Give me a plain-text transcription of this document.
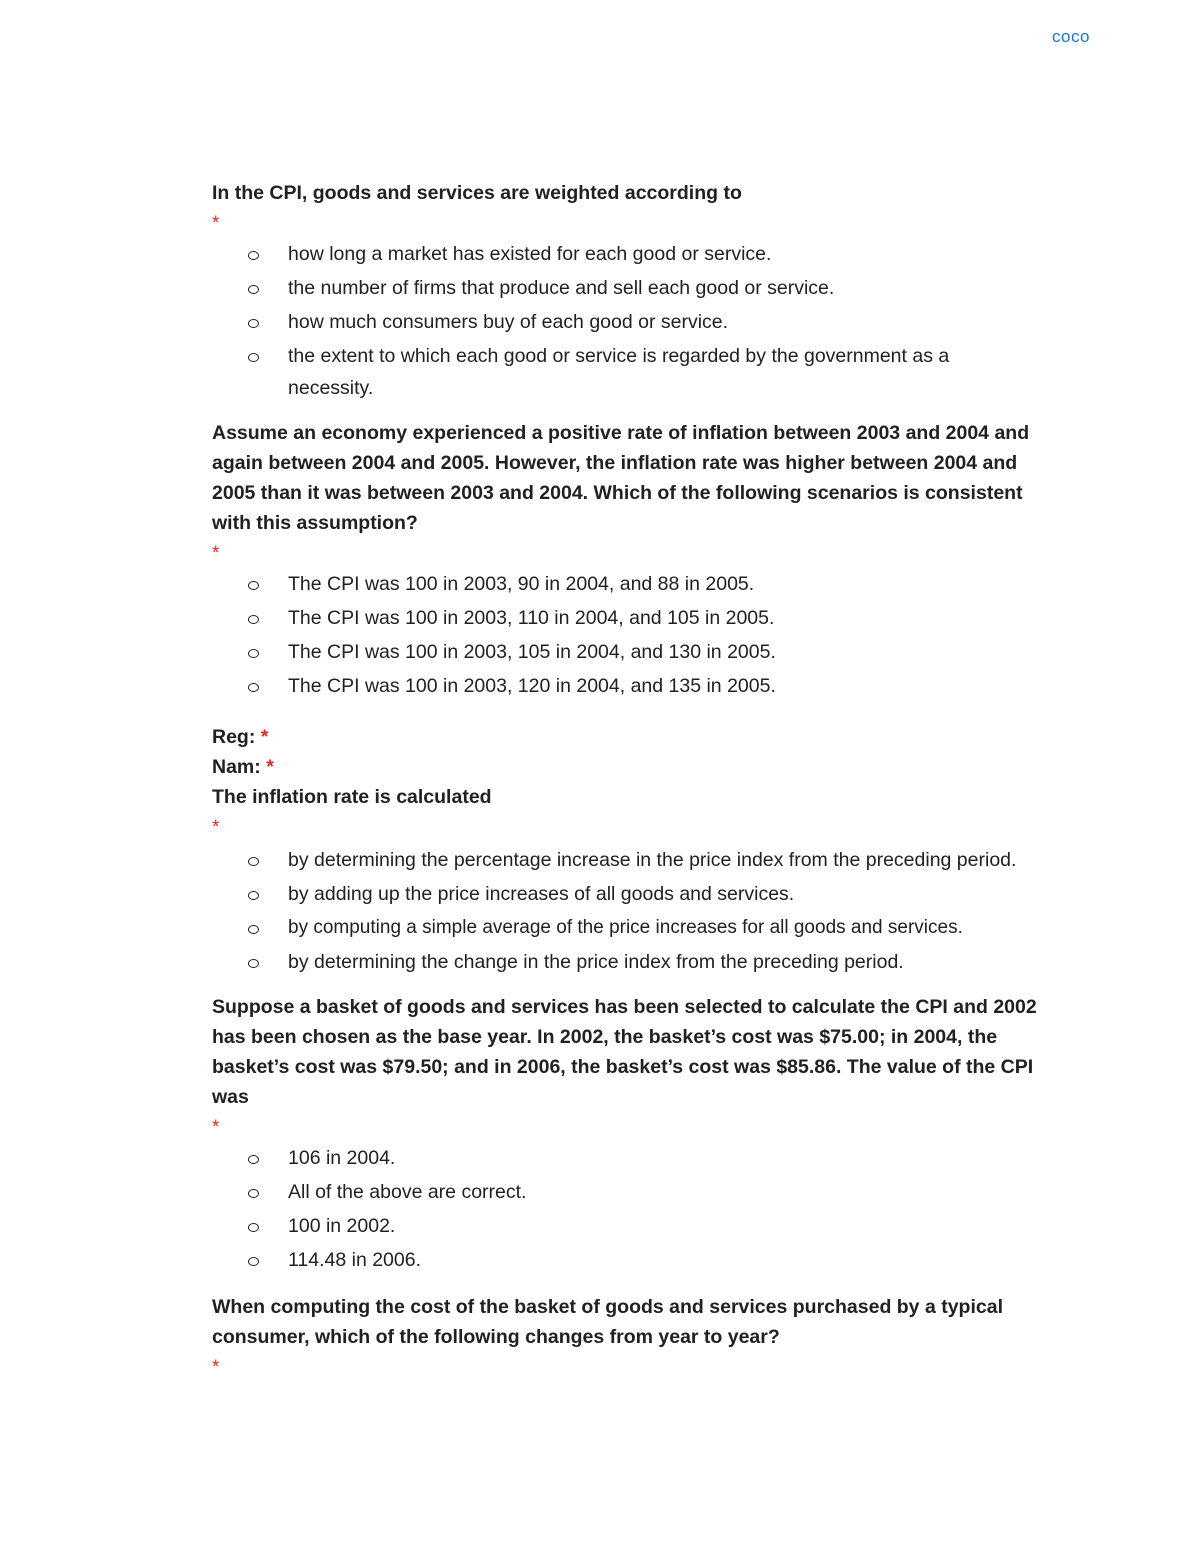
coco
In the CPI, goods and services are weighted according to
*
how long a market has existed for each good or service.
the number of firms that produce and sell each good or service.
how much consumers buy of each good or service.
the extent to which each good or service is regarded by the government as a necessity.
Assume an economy experienced a positive rate of inflation between 2003 and 2004 and again between 2004 and 2005. However, the inflation rate was higher between 2004 and 2005 than it was between 2003 and 2004. Which of the following scenarios is consistent with this assumption?
*
The CPI was 100 in 2003, 90 in 2004, and 88 in 2005.
The CPI was 100 in 2003, 110 in 2004, and 105 in 2005.
The CPI was 100 in 2003, 105 in 2004, and 130 in 2005.
The CPI was 100 in 2003, 120 in 2004, and 135 in 2005.
Reg: *
Nam: *
The inflation rate is calculated
*
by determining the percentage increase in the price index from the preceding period.
by adding up the price increases of all goods and services.
by computing a simple average of the price increases for all goods and services.
by determining the change in the price index from the preceding period.
Suppose a basket of goods and services has been selected to calculate the CPI and 2002 has been chosen as the base year. In 2002, the basket’s cost was $75.00; in 2004, the basket’s cost was $79.50; and in 2006, the basket’s cost was $85.86. The value of the CPI was
*
106 in 2004.
All of the above are correct.
100 in 2002.
114.48 in 2006.
When computing the cost of the basket of goods and services purchased by a typical consumer, which of the following changes from year to year?
*
